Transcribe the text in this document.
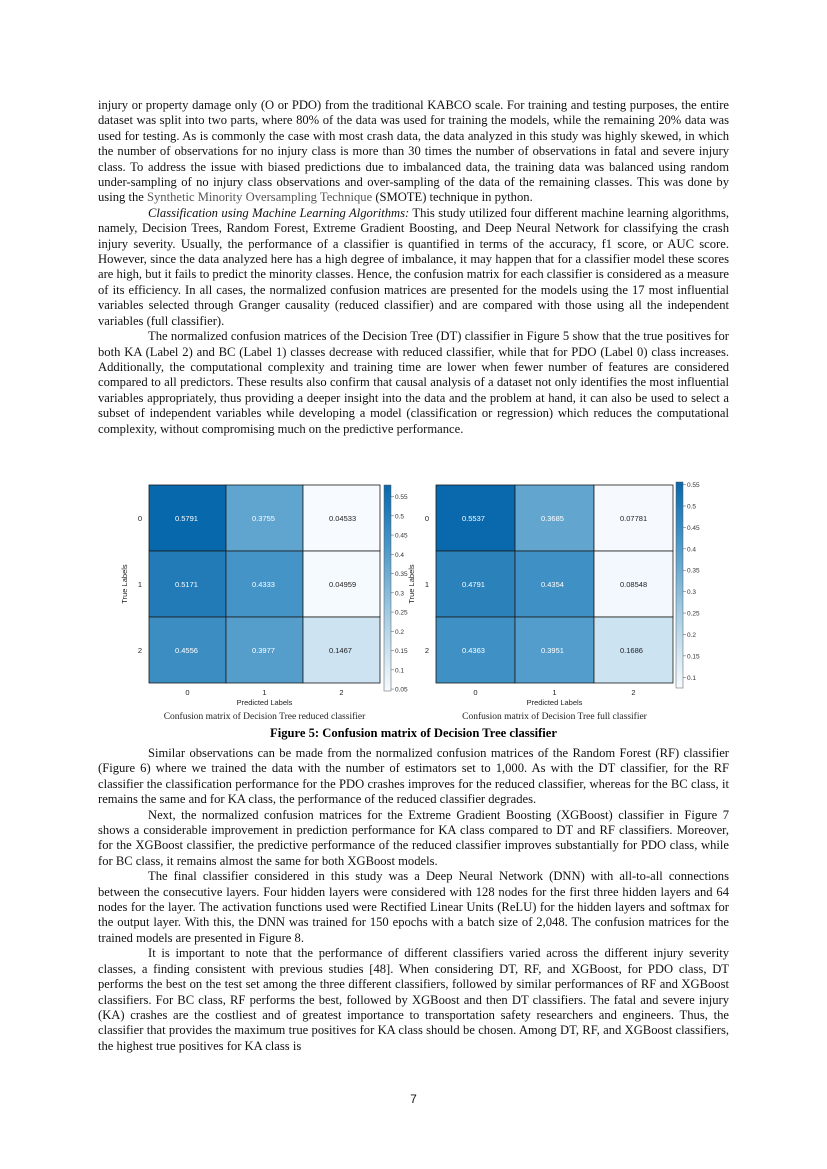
injury or property damage only (O or PDO) from the traditional KABCO scale. For training and testing purposes, the entire dataset was split into two parts, where 80% of the data was used for training the models, while the remaining 20% data was used for testing. As is commonly the case with most crash data, the data analyzed in this study was highly skewed, in which the number of observations for no injury class is more than 30 times the number of observations in fatal and severe injury class. To address the issue with biased predictions due to imbalanced data, the training data was balanced using random under-sampling of no injury class observations and over-sampling of the data of the remaining classes. This was done by using the Synthetic Minority Oversampling Technique (SMOTE) technique in python.

Classification using Machine Learning Algorithms: This study utilized four different machine learning algorithms, namely, Decision Trees, Random Forest, Extreme Gradient Boosting, and Deep Neural Network for classifying the crash injury severity. Usually, the performance of a classifier is quantified in terms of the accuracy, f1 score, or AUC score. However, since the data analyzed here has a high degree of imbalance, it may happen that for a classifier model these scores are high, but it fails to predict the minority classes. Hence, the confusion matrix for each classifier is considered as a measure of its efficiency. In all cases, the normalized confusion matrices are presented for the models using the 17 most influential variables selected through Granger causality (reduced classifier) and are compared with those using all the independent variables (full classifier).

The normalized confusion matrices of the Decision Tree (DT) classifier in Figure 5 show that the true positives for both KA (Label 2) and BC (Label 1) classes decrease with reduced classifier, while that for PDO (Label 0) class increases. Additionally, the computational complexity and training time are lower when fewer number of features are considered compared to all predictors. These results also confirm that causal analysis of a dataset not only identifies the most influential variables appropriately, thus providing a deeper insight into the data and the problem at hand, it can also be used to select a subset of independent variables while developing a model (classification or regression) which reduces the computational complexity, without compromising much on the predictive performance.

0.5791	0.3755	0.04533
0.5171	0.4333	0.04959
0.4556	0.3977	0.1467
0
1
2
0	1	2
Predicted Labels
True Labels
Confusion matrix of Decision Tree reduced classifier
0.55
0.5
0.45
0.4
0.35
0.3
0.25
0.2
0.15
0.1
0.05
0.5537	0.3685	0.07781
0.4791	0.4354	0.08548
0.4363	0.3951	0.1686
0
1
2
0	1	2
Predicted Labels
True Labels
Confusion matrix of Decision Tree full classifier
0.55
0.5
0.45
0.4
0.35
0.3
0.25
0.2
0.15
0.1
Figure 5: Confusion matrix of Decision Tree classifier

Similar observations can be made from the normalized confusion matrices of the Random Forest (RF) classifier (Figure 6) where we trained the data with the number of estimators set to 1,000. As with the DT classifier, for the RF classifier the classification performance for the PDO crashes improves for the reduced classifier, whereas for the BC class, it remains the same and for KA class, the performance of the reduced classifier degrades.

Next, the normalized confusion matrices for the Extreme Gradient Boosting (XGBoost) classifier in Figure 7 shows a considerable improvement in prediction performance for KA class compared to DT and RF classifiers. Moreover, for the XGBoost classifier, the predictive performance of the reduced classifier improves substantially for PDO class, while for BC class, it remains almost the same for both XGBoost models.

The final classifier considered in this study was a Deep Neural Network (DNN) with all-to-all connections between the consecutive layers. Four hidden layers were considered with 128 nodes for the first three hidden layers and 64 nodes for the layer. The activation functions used were Rectified Linear Units (ReLU) for the hidden layers and softmax for the output layer. With this, the DNN was trained for 150 epochs with a batch size of 2,048. The confusion matrices for the trained models are presented in Figure 8.

It is important to note that the performance of different classifiers varied across the different injury severity classes, a finding consistent with previous studies [48]. When considering DT, RF, and XGBoost, for PDO class, DT performs the best on the test set among the three different classifiers, followed by similar performances of RF and XGBoost classifiers. For BC class, RF performs the best, followed by XGBoost and then DT classifiers. The fatal and severe injury (KA) crashes are the costliest and of greatest importance to transportation safety researchers and engineers. Thus, the classifier that provides the maximum true positives for KA class should be chosen. Among DT, RF, and XGBoost classifiers, the highest true positives for KA class is

7
